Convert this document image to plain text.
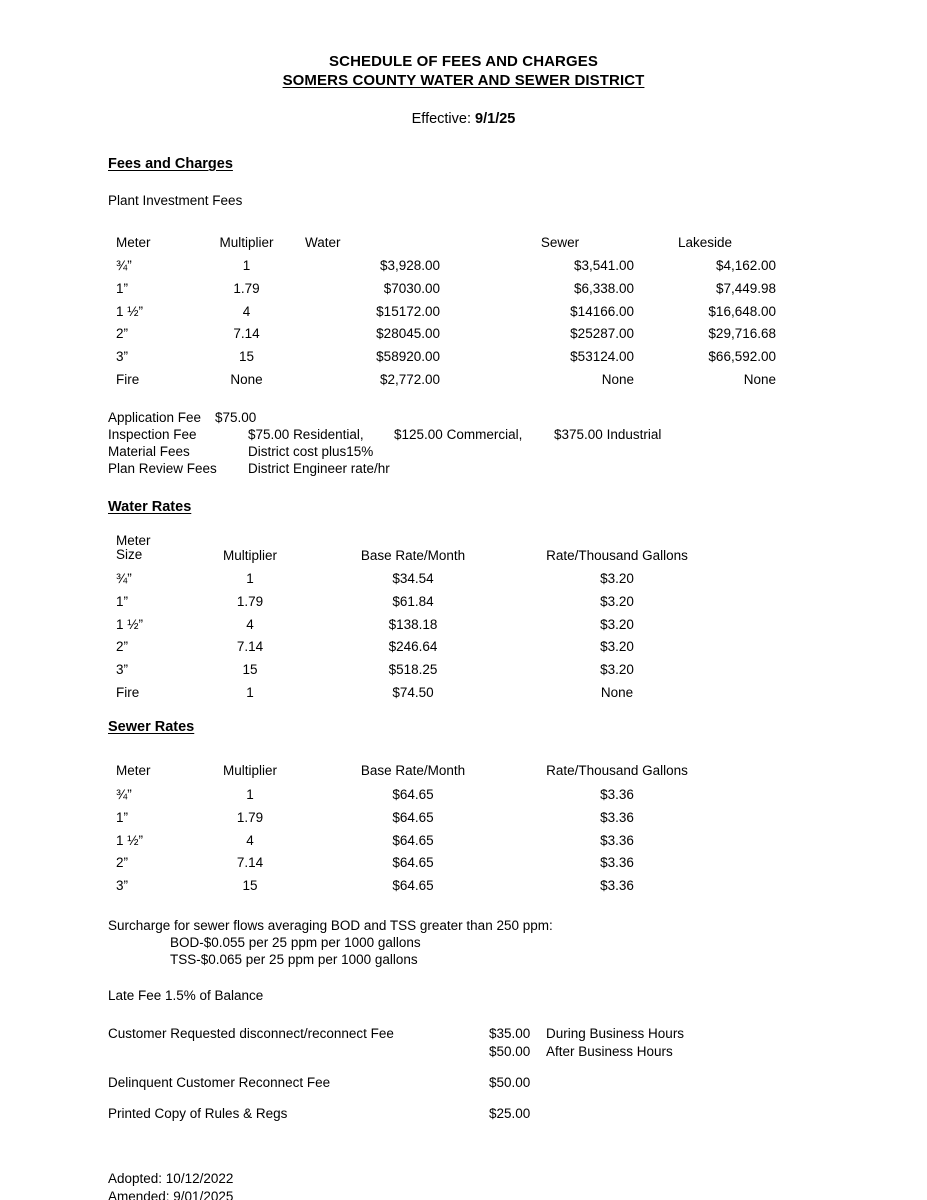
SCHEDULE OF FEES AND CHARGES
SOMERS COUNTY WATER AND SEWER DISTRICT
Effective: 9/1/25
Fees and Charges
Plant Investment Fees
Meter	Multiplier	Water	Sewer	Lakeside
¾”	1	$3,928.00	$3,541.00	$4,162.00
1”	1.79	$7030.00	$6,338.00	$7,449.98
1 ½”	4	$15172.00	$14166.00	$16,648.00
2”	7.14	$28045.00	$25287.00	$29,716.68
3”	15	$58920.00	$53124.00	$66,592.00
Fire	None	$2,772.00	None	None
Application Fee	$75.00
Inspection Fee	$75.00 Residential,	$125.00 Commercial,	$375.00 Industrial
Material Fees	District cost plus15%
Plan Review Fees	District Engineer rate/hr
Water Rates
Meter
Size	Multiplier	Base Rate/Month	Rate/Thousand Gallons
¾”	1	$34.54	$3.20
1”	1.79	$61.84	$3.20
1 ½”	4	$138.18	$3.20
2”	7.14	$246.64	$3.20
3”	15	$518.25	$3.20
Fire	1	$74.50	None
Sewer Rates
Meter	Multiplier	Base Rate/Month	Rate/Thousand Gallons
¾”	1	$64.65	$3.36
1”	1.79	$64.65	$3.36
1 ½”	4	$64.65	$3.36
2”	7.14	$64.65	$3.36
3”	15	$64.65	$3.36
Surcharge for sewer flows averaging BOD and TSS greater than 250 ppm:
BOD-$0.055 per 25 ppm per 1000 gallons
TSS-$0.065 per 25 ppm per 1000 gallons
Late Fee 1.5% of Balance
Customer Requested disconnect/reconnect Fee	$35.00	During Business Hours
$50.00	After Business Hours
Delinquent Customer Reconnect Fee	$50.00
Printed Copy of Rules & Regs	$25.00
Adopted: 10/12/2022
Amended: 9/01/2025
